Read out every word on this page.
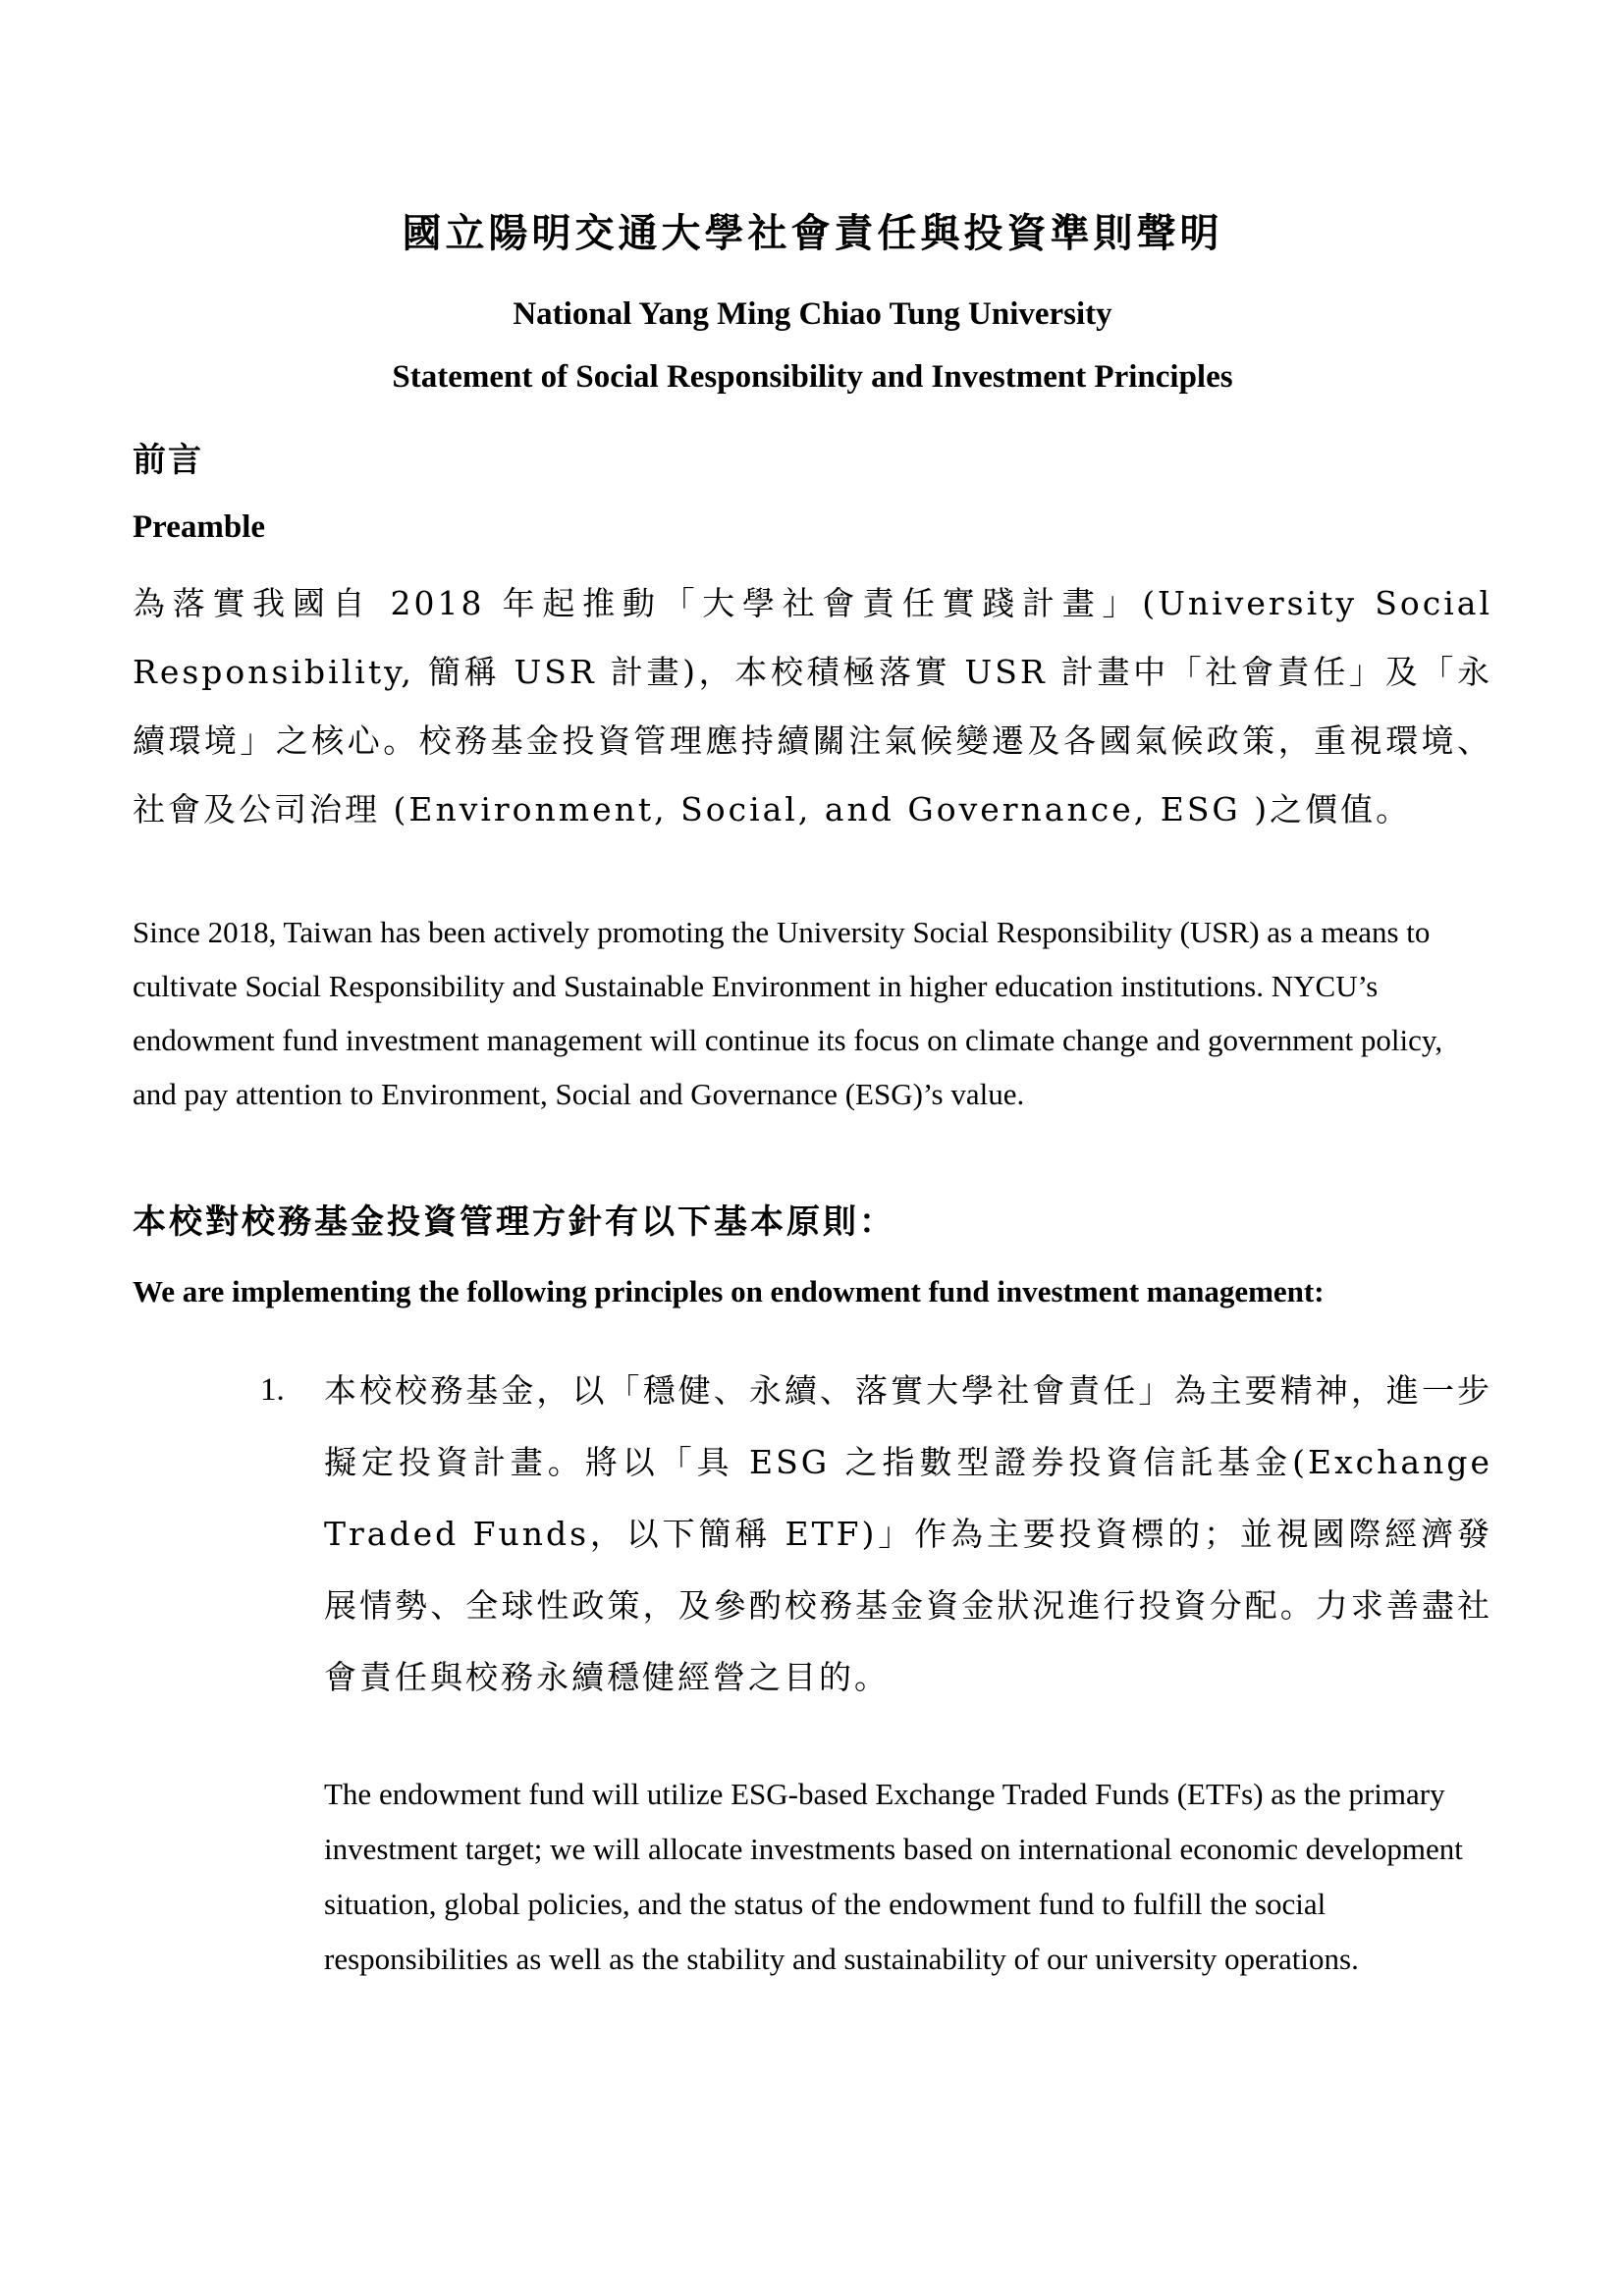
國立陽明交通大學社會責任與投資準則聲明
National Yang Ming Chiao Tung University
Statement of Social Responsibility and Investment Principles
前言
Preamble
為落實我國自 2018 年起推動「大學社會責任實踐計畫」(University Social Responsibility, 簡稱 USR 計畫)，本校積極落實 USR 計畫中「社會責任」及「永續環境」之核心。校務基金投資管理應持續關注氣候變遷及各國氣候政策，重視環境、社會及公司治理 (Environment, Social, and Governance, ESG )之價值。
Since 2018, Taiwan has been actively promoting the University Social Responsibility (USR) as a means to cultivate Social Responsibility and Sustainable Environment in higher education institutions. NYCU’s endowment fund investment management will continue its focus on climate change and government policy, and pay attention to Environment, Social and Governance (ESG)’s value.
本校對校務基金投資管理方針有以下基本原則：
We are implementing the following principles on endowment fund investment management:
1.	本校校務基金，以「穩健、永續、落實大學社會責任」為主要精神，進一步擬定投資計畫。將以「具 ESG 之指數型證券投資信託基金(Exchange Traded Funds，以下簡稱 ETF)」作為主要投資標的；並視國際經濟發展情勢、全球性政策，及參酌校務基金資金狀況進行投資分配。力求善盡社會責任與校務永續穩健經營之目的。
The endowment fund will utilize ESG-based Exchange Traded Funds (ETFs) as the primary investment target; we will allocate investments based on international economic development situation, global policies, and the status of the endowment fund to fulfill the social responsibilities as well as the stability and sustainability of our university operations.
